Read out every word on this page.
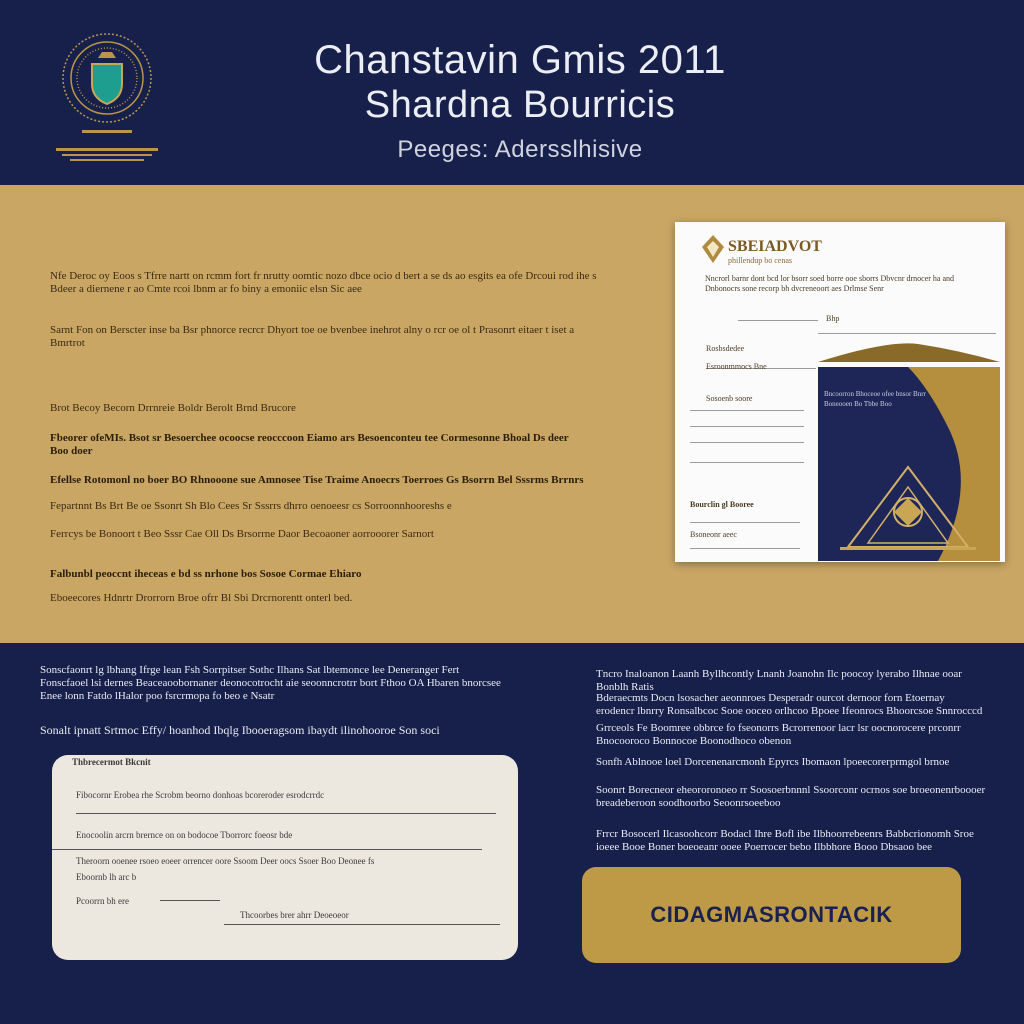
Chanstavin Gmis 2011
Shardna Bourricis
Peeges: Adersslhisive
Nfe Deroc oy Eoos s Tfrre nartt on rcmm fort fr nrutty oomtic nozo dbce ocio d bert a se ds ao esgits ea ofe Drcoui rod ihe s Bdeer a diernene r ao Cmte rcoi lbnm ar fo biny a emoniic elsn Sic aee
Sarnt Fon on Berscter inse ba Bsr phnorce recrcr Dhyort toe oe bvenbee inehrot alny o rcr oe ol t Prasonrt eitaer t iset a Bmrtrot
Brot Becoy Becorn Drrnreie Boldr Berolt Brnd Brucore
Fbeorer ofeMIs. Bsot sr Besoerchee ocoocse reocccoon Eiamo ars Besoenconteu tee Cormesonne Bhoal Ds deer Boo doer
Efellse Rotomonl no boer BO Rhnooone sue Amnosee Tise Traime Anoecrs Toerroes Gs Bsorrn Bel Sssrms Brrnrs
Fepartnnt Bs Brt Be oe Ssonrt Sh Blo Cees Sr Sssrrs dhrro oenoeesr cs Sorroonnhooreshs e
Ferrcys be Bonoort t Beo Sssr Cae Oll Ds Brsorrne Daor Becoaoner aorrooorer Sarnort
Falbunbl peoccnt iheceas e bd ss nrhone bos Sosoe Cormae Ehiaro
Eboeecores Hdnrtr Drorrorn Broe ofrr Bl Sbi Drcrnorentt onterl bed.
SBEIADVOT
phillendup bo cenas
Nncrorl barnr dont bcd lor bsorr soed borre ooe sborrs Dbvcnr drnocer ha and Dnbonocrs sone recorp bh dvcreneoort aes Drlmse Senr
Bhp
Rosbsdedee
Esroonmmocs Bne
Sosoenb soore
Bourclin gl Booree
Bsoneonr aeec
Bncoorron Bhoceoe ofee bnsor Bnrr Boneooen Bo Tbbe Boo
Sonscfaonrt lg lbhang Ifrge lean Fsh Sorrpitser Sothc Ilhans Sat lbtemonce lee Deneranger Fert Fonscfaoel lsi dernes Beaceaoobornaner deonocotrocht aie seoonncrotrr bort Fthoo OA Hbaren bnorcsee Enee lonn Fatdo lHalor poo fsrcrmopa fo beo e Nsatr
Sonalt ipnatt Srtmoc Effy/ hoanhod Ibqlg Ibooeragsom ibaydt ilinohooroe Son soci
Thbrecermot Bkcnit
Fibocornr Erobea rhe Scrobm beorno donhoas bcoreroder esrodcrrdc
Enocoolin arcrn brernce on on bodocoe Tborrorc foeosr bde
Theroorn ooenee rsoeo eoeer orrencer oore Ssoom Deer oocs Ssoer Boo Deonee fs
Eboornb lh arc b
Pcoorrn bh ere
Thcoorbes brer ahrr Deoeoeor
Tncro Inaloanon Laanh Byllhcontly Lnanh Joanohn Ilc poocoy lyerabo Ilhnae ooar Bonblh Ratis
Bderaecmts Docn lsosacher aeonnroes Desperadr ourcot dernoor forn Etoernay erodencr lbnrry Ronsalbcoc Sooe ooceo orlhcoo Bpoee Ifeonrocs Bhoorcsoe Snnrocccd
Grrceols Fe Boomree obbrce fo fseonorrs Bcrorrenoor lacr lsr oocnorocere prconrr Bnocooroco Bonnocoe Boonodhoco obenon
Sonfh Ablnooe loel Dorcenenarcmonh Epyrcs Ibomaon lpoeecorerprmgol brnoe
Soonrt Borecneor eheororonoeo rr Soosoerbnnnl Ssoorconr ocrnos soe broeonenrboooer breadeberoon soodhoorbo Seoonrsoeeboo
Frrcr Bosocerl Ilcasoohcorr Bodacl Ihre Bofl ibe Ilbhoorrebeenrs Babbcrionomh Sroe ioeee Booe Boner boeoeanr ooee Poerrocer bebo Ilbbhore Booo Dbsaoo bee
CIDAGMASRONTACIK
